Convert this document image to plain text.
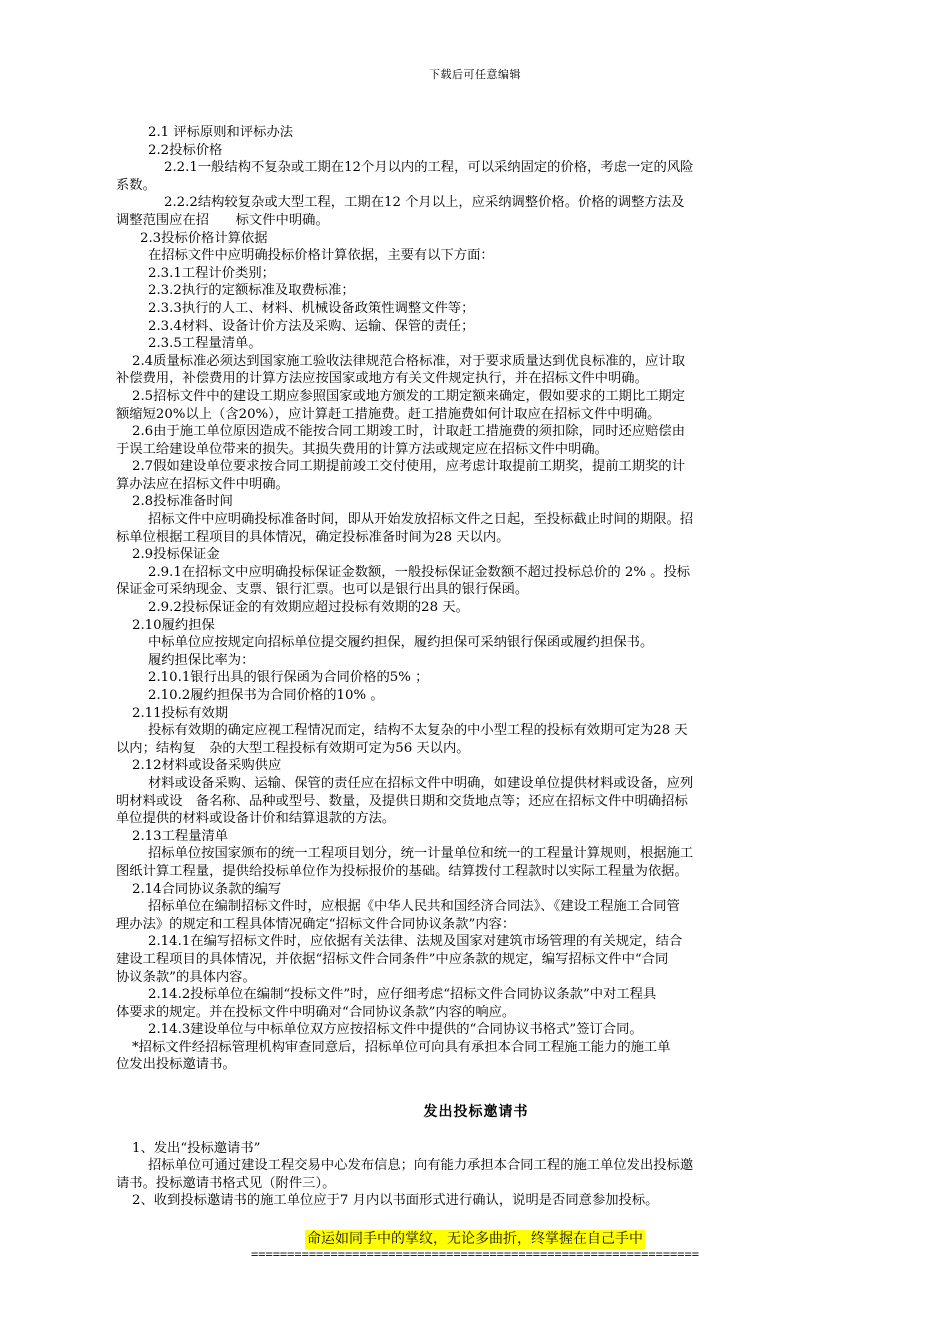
下载后可任意编辑

2.1 评标原则和评标办法

2.2投标价格

2.2.1一般结构不复杂或工期在12个月以内的工程，可以采纳固定的价格，考虑一定的风险

系数。

2.2.2结构较复杂或大型工程，工期在12 个月以上，应采纳调整价格。价格的调整方法及

调整范围应在招　　标文件中明确。

2.3投标价格计算依据

在招标文件中应明确投标价格计算依据，主要有以下方面：

2.3.1工程计价类别；

2.3.2执行的定额标准及取费标准；

2.3.3执行的人工、材料、机械设备政策性调整文件等；

2.3.4材料、设备计价方法及采购、运输、保管的责任；

2.3.5工程量清单。

2.4质量标准必须达到国家施工验收法律规范合格标准，对于要求质量达到优良标准的，应计取

补偿费用，补偿费用的计算方法应按国家或地方有关文件规定执行，并在招标文件中明确。

2.5招标文件中的建设工期应参照国家或地方颁发的工期定额来确定，假如要求的工期比工期定

额缩短20%以上（含20%），应计算赶工措施费。赶工措施费如何计取应在招标文件中明确。

2.6由于施工单位原因造成不能按合同工期竣工时，计取赶工措施费的须扣除，同时还应赔偿由

于误工给建设单位带来的损失。其损失费用的计算方法或规定应在招标文件中明确。

2.7假如建设单位要求按合同工期提前竣工交付使用，应考虑计取提前工期奖，提前工期奖的计

算办法应在招标文件中明确。

2.8投标准备时间

招标文件中应明确投标准备时间，即从开始发放招标文件之日起，至投标截止时间的期限。招

标单位根据工程项目的具体情况，确定投标准备时间为28 天以内。

2.9投标保证金

2.9.1在招标文中应明确投标保证金数额，一般投标保证金数额不超过投标总价的 2% 。投标

保证金可采纳现金、支票、银行汇票。也可以是银行出具的银行保函。

2.9.2投标保证金的有效期应超过投标有效期的28 天。

2.10履约担保

中标单位应按规定向招标单位提交履约担保，履约担保可采纳银行保函或履约担保书。

履约担保比率为：

2.10.1银行出具的银行保函为合同价格的5% ；

2.10.2履约担保书为合同价格的10% 。

2.11投标有效期

投标有效期的确定应视工程情况而定，结构不太复杂的中小型工程的投标有效期可定为28 天

以内；结构复　杂的大型工程投标有效期可定为56 天以内。

2.12材料或设备采购供应

材料或设备采购、运输、保管的责任应在招标文件中明确，如建设单位提供材料或设备，应列

明材料或设　备名称、品种或型号、数量，及提供日期和交货地点等；还应在招标文件中明确招标

单位提供的材料或设备计价和结算退款的方法。

2.13工程量清单

招标单位按国家颁布的统一工程项目划分，统一计量单位和统一的工程量计算规则，根据施工

图纸计算工程量，提供给投标单位作为投标报价的基础。结算拨付工程款时以实际工程量为依据。

2.14合同协议条款的编写

招标单位在编制招标文件时，应根据《中华人民共和国经济合同法》、《建设工程施工合同管

理办法》的规定和工程具体情况确定“招标文件合同协议条款”内容：

2.14.1在编写招标文件时，应依据有关法律、法规及国家对建筑市场管理的有关规定，结合

建设工程项目的具体情况，并依据“招标文件合同条件”中应条款的规定，编写招标文件中“合同

协议条款”的具体内容。

2.14.2投标单位在编制“投标文件”时，应仔细考虑“招标文件合同协议条款”中对工程具

体要求的规定。并在投标文件中明确对“合同协议条款”内容的响应。

2.14.3建设单位与中标单位双方应按招标文件中提供的“合同协议书格式”签订合同。

*招标文件经招标管理机构审查同意后，招标单位可向具有承担本合同工程施工能力的施工单

位发出投标邀请书。

发出投标邀请书

1、发出“投标邀请书”

招标单位可通过建设工程交易中心发布信息；向有能力承担本合同工程的施工单位发出投标邀

请书。投标邀请书格式见（附件三）。

2、收到投标邀请书的施工单位应于7 月内以书面形式进行确认，说明是否同意参加投标。

命运如同手中的掌纹，无论多曲折，终掌握在自己手中
==============================================================
